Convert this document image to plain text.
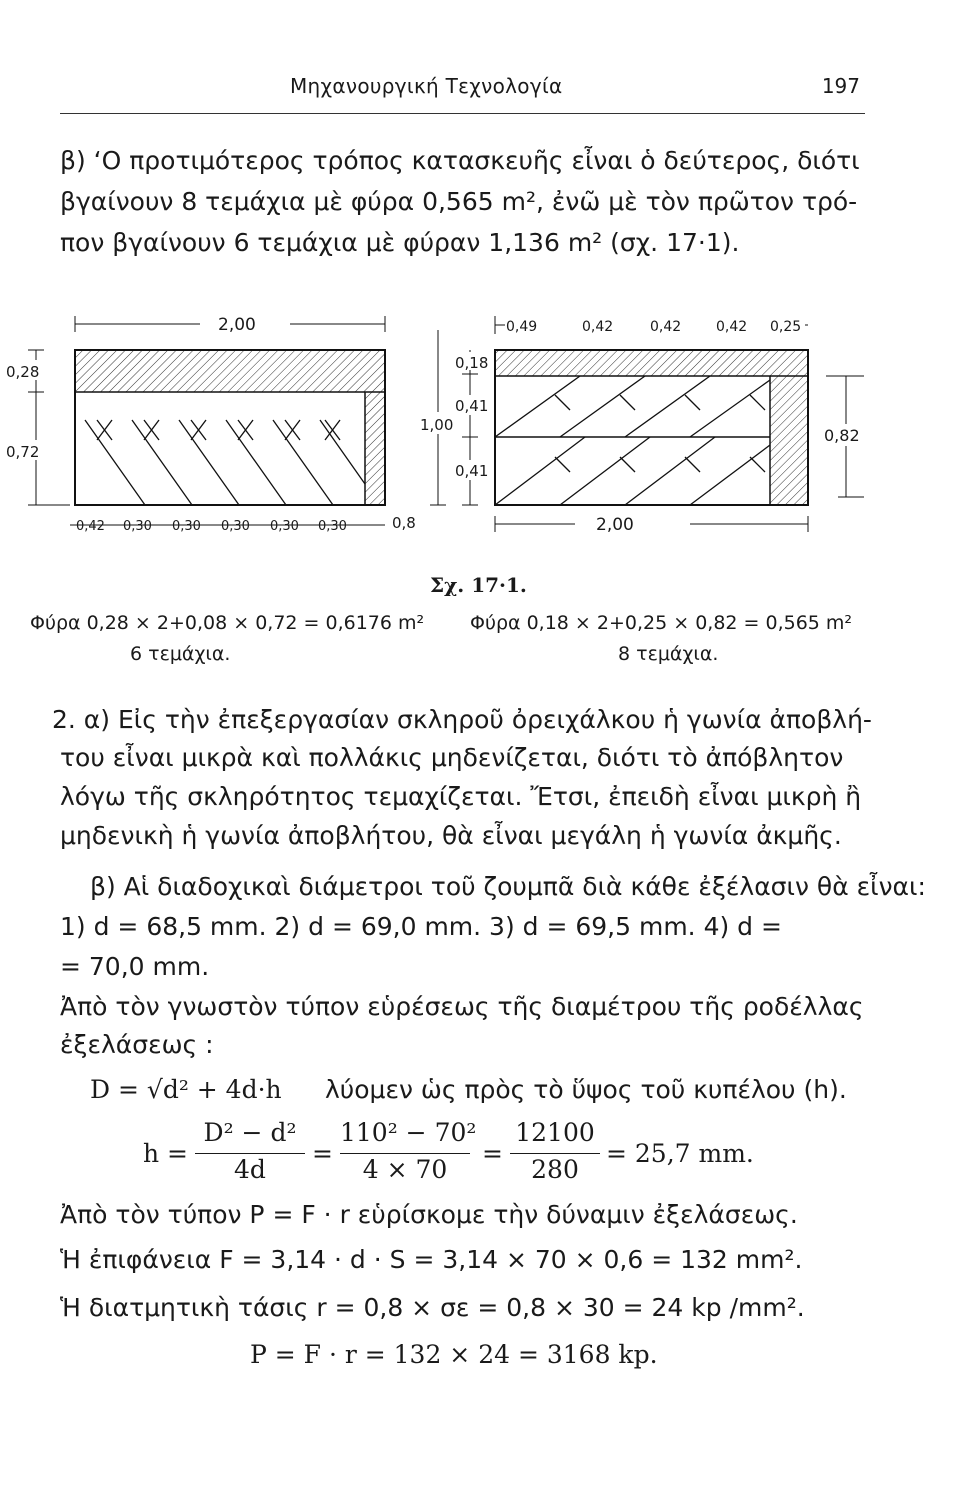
Μηχανουργική Τεχνολογία	197
β) ‘Ο προτιμότερος τρόπος κατασκευῆς εἶναι ὁ δεύτερος, διότι
βγαίνουν 8 τεμάχια μὲ φύρα 0,565 m², ἐνῶ μὲ τὸν πρῶτον τρό-
πον βγαίνουν 6 τεμάχια μὲ φύραν 1,136 m² (σχ. 17·1).
2,00
0,28
0,72
0,42 0,30 0,30 0,30 0,30 0,30	0,8
1,00
0,18
0,41
0,41
0,49	0,42	0,42 0,42 0,25
0,82
2,00
Σχ. 17·1.
Φύρα 0,28 × 2+0,08 × 0,72 = 0,6176 m²
6 τεμάχια.
Φύρα 0,18 × 2+0,25 × 0,82 = 0,565 m²
8 τεμάχια.
2. α) Εἰς τὴν ἐπεξεργασίαν σκληροῦ ὀρειχάλκου ἡ γωνία ἀποβλή-
του εἶναι μικρὰ καὶ πολλάκις μηδενίζεται, διότι τὸ ἀπόβλητον
λόγω τῆς σκληρότητος τεμαχίζεται. Ἔτσι, ἐπειδὴ εἶναι μικρὴ ἢ
μηδενικὴ ἡ γωνία ἀποβλήτου, θὰ εἶναι μεγάλη ἡ γωνία ἀκμῆς.
β) Αἱ διαδοχικαὶ διάμετροι τοῦ ζουμπᾶ διὰ κάθε ἐξέλασιν θὰ εἶναι:
1) d = 68,5 mm. 2) d = 69,0 mm. 3) d = 69,5 mm. 4) d =
= 70,0 mm.
Ἀπὸ τὸν γνωστὸν τύπον εὑρέσεως τῆς διαμέτρου τῆς ροδέλλας
ἐξελάσεως :
D = √d² + 4d·h λύομεν ὡς πρὸς τὸ ὕψος τοῦ κυπέλου (h).
h =
D² − d²
4d
=
110² − 70²
4 × 70
=
12100
280
= 25,7 mm.
Ἀπὸ τὸν τύπον P = F · r εὑρίσκομε τὴν δύναμιν ἐξελάσεως.
Ἡ ἐπιφάνεια F = 3,14 · d · S = 3,14 × 70 × 0,6 = 132 mm².
Ἡ διατμητικὴ τάσις r = 0,8 × σε = 0,8 × 30 = 24 kp /mm².
P = F · r = 132 × 24 = 3168 kp.
